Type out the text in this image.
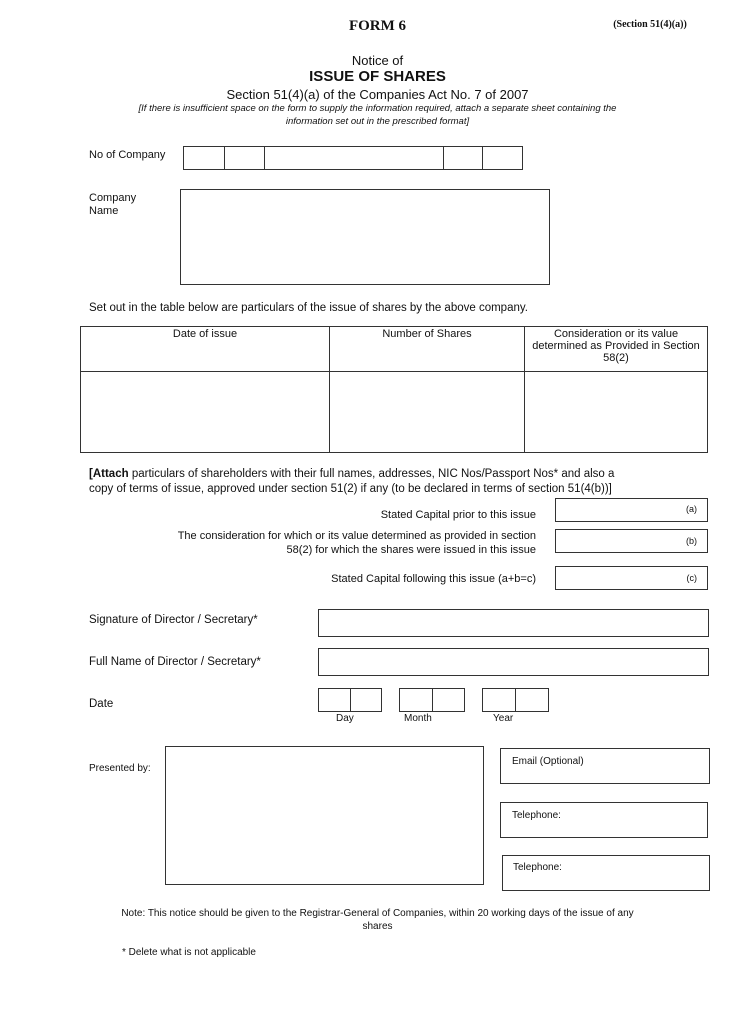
FORM 6	(Section 51(4)(a))
Notice of
ISSUE OF SHARES
Section 51(4)(a) of the Companies Act No. 7 of 2007
[If there is insufficient space on the form to supply the information required, attach a separate sheet containing the
information set out in the prescribed format]
No of Company
Company
Name
Set out in the table below are particulars of the issue of shares by the above company.
Date of issue	Number of Shares	Consideration or its value determined as Provided in Section 58(2)

[Attach particulars of shareholders with their full names, addresses, NIC Nos/Passport Nos* and also a
copy of terms of issue, approved under section 51(2) if any (to be declared in terms of section 51(4(b))]
Stated Capital prior to this issue	(a)
The consideration for which or its value determined as provided in section
58(2) for which the shares were issued in this issue
(b)
Stated Capital following this issue (a+b=c)	(c)
Signature of Director / Secretary*
Full Name of Director / Secretary*
Date
Day	Month	Year
Presented by:
Email (Optional)
Telephone:
Telephone:
Note: This notice should be given to the Registrar-General of Companies, within 20 working days of the issue of any
shares
* Delete what is not applicable
